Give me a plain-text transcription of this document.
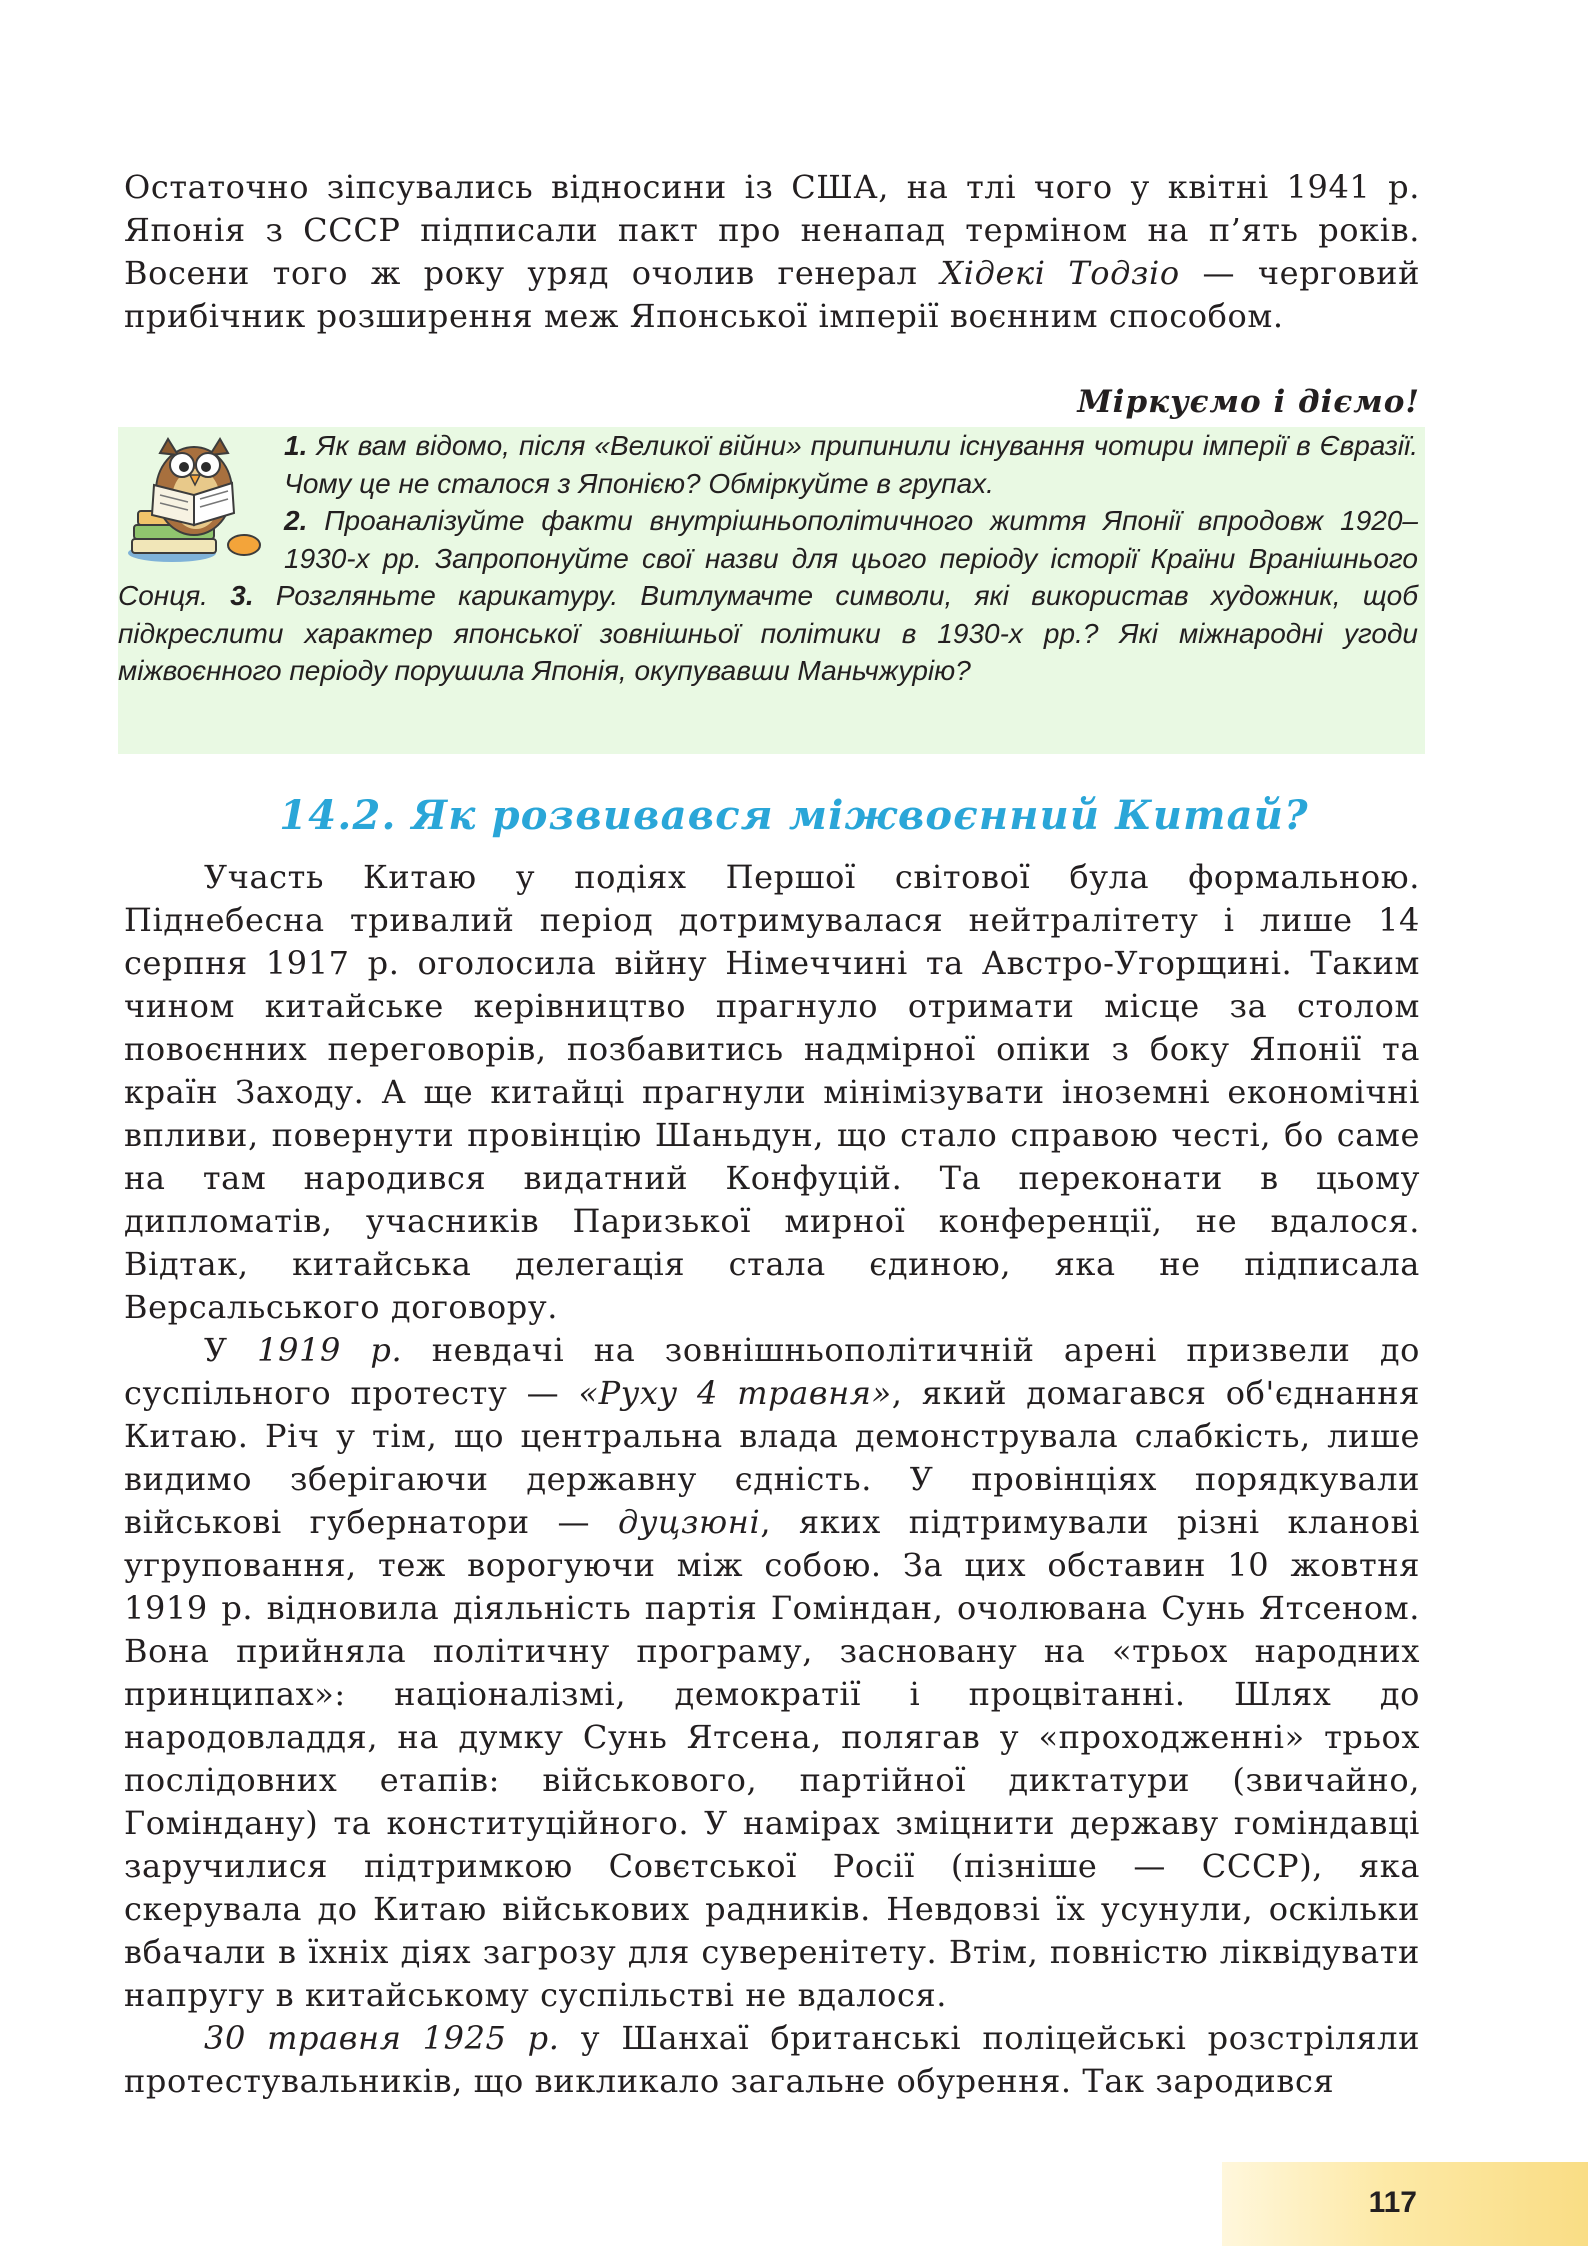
Остаточно зіпсувались відносини із США, на тлі чого у квітні 1941 р. Японія з СССР підписали пакт про ненапад терміном на п’ять років. Восени того ж року уряд очолив генерал Хідекі Тодзіо — черговий прибічник розширення меж Японської імперії воєнним способом.

Міркуємо і діємо!

1. Як вам відомо, після «Великої війни» припинили існування чотири імперії в Євразії. Чому це не сталося з Японією? Обміркуйте в групах.

2. Проаналізуйте факти внутрішньополітичного життя Японії впродовж 1920–1930-х рр. Запропонуйте свої назви для цього періоду історії Країни Вранішнього Сонця. 3. Розгляньте карикатуру. Витлумачте символи, які використав художник, щоб підкреслити характер японської зовнішньої політики в 1930-х рр.? Які міжнародні угоди міжвоєнного періоду порушила Японія, окупувавши Маньчжурію?

14.2. Як розвивався міжвоєнний Китай?

Участь Китаю у подіях Першої світової була формальною. Піднебесна тривалий період дотримувалася нейтралітету і лише 14 серпня 1917 р. оголосила війну Німеччині та Австро-Угорщині. Таким чином китайське керівництво прагнуло отримати місце за столом повоєнних переговорів, позбавитись надмірної опіки з боку Японії та країн Заходу. А ще китайці прагнули мінімізувати іноземні економічні впливи, повернути провінцію Шаньдун, що стало справою честі, бо саме на там народився видатний Конфуцій. Та переконати в цьому дипломатів, учасників Паризької мирної конференції, не вдалося. Відтак, китайська делегація стала єдиною, яка не підписала Версальського договору.

У 1919 р. невдачі на зовнішньополітичній арені призвели до суспільного протесту — «Руху 4 травня», який домагався об'єднання Китаю. Річ у тім, що центральна влада демонструвала слабкість, лише видимо зберігаючи державну єдність. У провінціях порядкували військові губернатори — дуцзюні, яких підтримували різні кланові угруповання, теж ворогуючи між собою. За цих обставин 10 жовтня 1919 р. відновила діяльність партія Гоміндан, очолювана Сунь Ятсеном. Вона прийняла політичну програму, засновану на «трьох народних принципах»: націоналізмі, демократії і процвітанні. Шлях до народовладдя, на думку Сунь Ятсена, полягав у «проходженні» трьох послідовних етапів: військового, партійної диктатури (звичайно, Гоміндану) та конституційного. У намірах зміцнити державу гоміндавці заручилися підтримкою Совєтської Росії (пізніше — СССР), яка скерувала до Китаю військових радників. Невдовзі їх усунули, оскільки вбачали в їхніх діях загрозу для суверенітету. Втім, повністю ліквідувати напругу в китайському суспільстві не вдалося.

30 травня 1925 р. у Шанхаї британські поліцейські розстріляли протестувальників, що викликало загальне обурення. Так зародився

117
